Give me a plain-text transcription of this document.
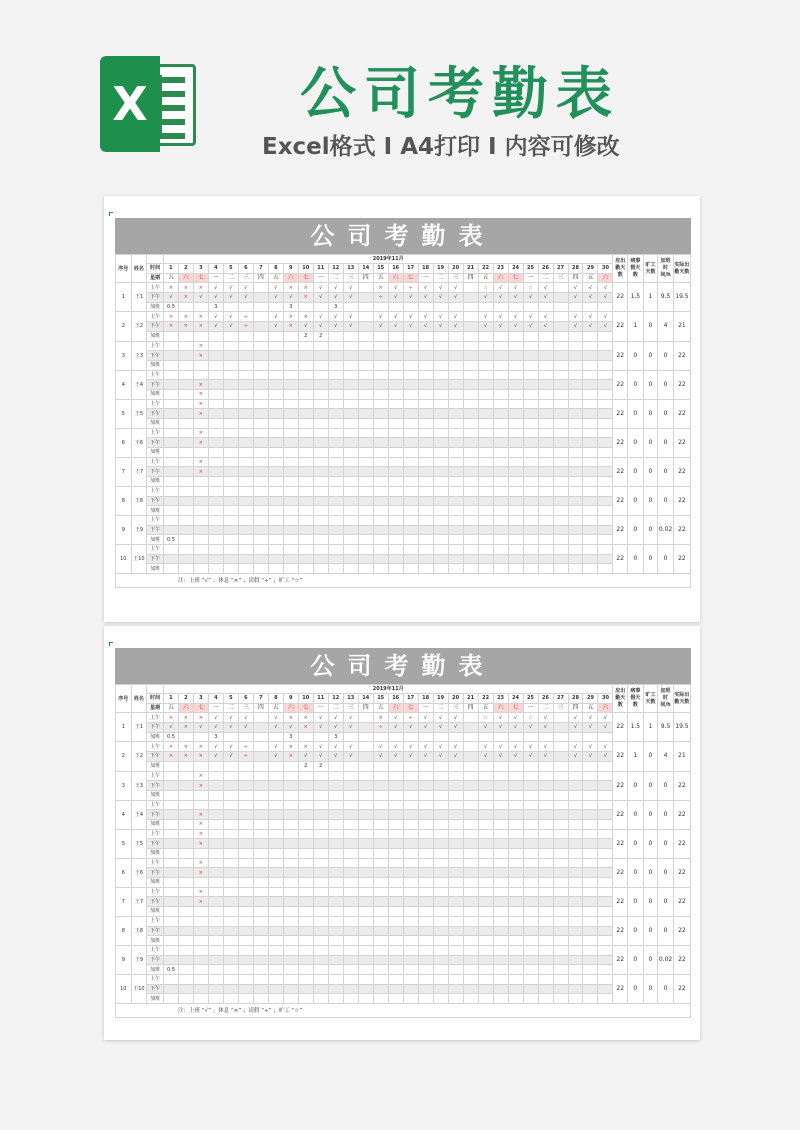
X	公司考勤表
Excel格式 Ⅰ A4打印 Ⅰ 内容可修改
公司考勤表
序号	姓名		2019年11月																														应出勤天数	病事假天数	旷工天数	加班时间/h	实际出勤天数
		时间	1	2	3	4	5	6	7	8	9	10	11	12	13	14	15	16	17	18	19	20	21	22	23	24	25	26	27	28	29	30					
		星期	五	六	七	一	二	三	四	五	六	七	一	二	三	四	五	六	七	一	二	三	四	五	六	七	一	二	三	四	五	六					
1	王1	上午	×	×	×	√	√	√		√	×	×	√	√	√		×	√	÷	√	√	√		☆	√	√	☆	√		√	√	√	22	1.5	1	9.5	19.5
		下午	√	×	√	√	√	√		√	√	×	√	√	√		÷	√	√	√	√	√		√	√	√	√	√		√	√	√					
		加班	0.5			3					3			3																							
2	王2	上午	×	×	×	√	√	÷		√	×	×	√	√	√		√	√	√	√	√	√		√	√	√	√	√		√	√	√	22	1	0	4	21
		下午	×	×	×	√	√	÷		√	×	√	√	√	√		√	√	√	√	√	√		√	√	√	√	√		√	√	√					
		加班										2	2																								
3	王3	上午			×																												22	0	0	0	22
		下午			×																																
		加班																																			
4	王4	上午																															22	0	0	0	22
		下午			×																																
		加班			×																																
5	王5	上午			×																												22	0	0	0	22
		下午			×																																
		加班																																			
6	王6	上午			×																												22	0	0	0	22
		下午			×																																
		加班																																			
7	王7	上午			×																												22	0	0	0	22
		下午			×																																
		加班																																			
8	王8	上午																															22	0	0	0	22
		下午																																			
		加班																																			
9	王9	上午																															22	0	0	0.02	22
		下午																																			
		加班	0.5																																		
10	王10	上午																															22	0	0	0	22
		下午																																			
		加班																																			
注：上班 “√” ；休息 “×” ；请假 “÷” ；旷工 “☆”																																					
公司考勤表
序号	姓名		2019年11月																														应出勤天数	病事假天数	旷工天数	加班时间/h	实际出勤天数
		时间	1	2	3	4	5	6	7	8	9	10	11	12	13	14	15	16	17	18	19	20	21	22	23	24	25	26	27	28	29	30					
		星期	五	六	七	一	二	三	四	五	六	七	一	二	三	四	五	六	七	一	二	三	四	五	六	七	一	二	三	四	五	六					
1	王1	上午	×	×	×	√	√	√		√	×	×	√	√	√		×	√	÷	√	√	√		☆	√	√	☆	√		√	√	√	22	1.5	1	9.5	19.5
		下午	√	×	√	√	√	√		√	√	×	√	√	√		÷	√	√	√	√	√		√	√	√	√	√		√	√	√					
		加班	0.5			3					3			3																							
2	王2	上午	×	×	×	√	√	÷		√	×	×	√	√	√		√	√	√	√	√	√		√	√	√	√	√		√	√	√	22	1	0	4	21
		下午	×	×	×	√	√	÷		√	×	√	√	√	√		√	√	√	√	√	√		√	√	√	√	√		√	√	√					
		加班										2	2																								
3	王3	上午			×																												22	0	0	0	22
		下午			×																																
		加班																																			
4	王4	上午																															22	0	0	0	22
		下午			×																																
		加班			×																																
5	王5	上午			×																												22	0	0	0	22
		下午			×																																
		加班																																			
6	王6	上午			×																												22	0	0	0	22
		下午			×																																
		加班																																			
7	王7	上午			×																												22	0	0	0	22
		下午			×																																
		加班																																			
8	王8	上午																															22	0	0	0	22
		下午																																			
		加班																																			
9	王9	上午																															22	0	0	0.02	22
		下午																																			
		加班	0.5																																		
10	王10	上午																															22	0	0	0	22
		下午																																			
		加班																																			
注：上班 “√” ；休息 “×” ；请假 “÷” ；旷工 “☆”																																					
